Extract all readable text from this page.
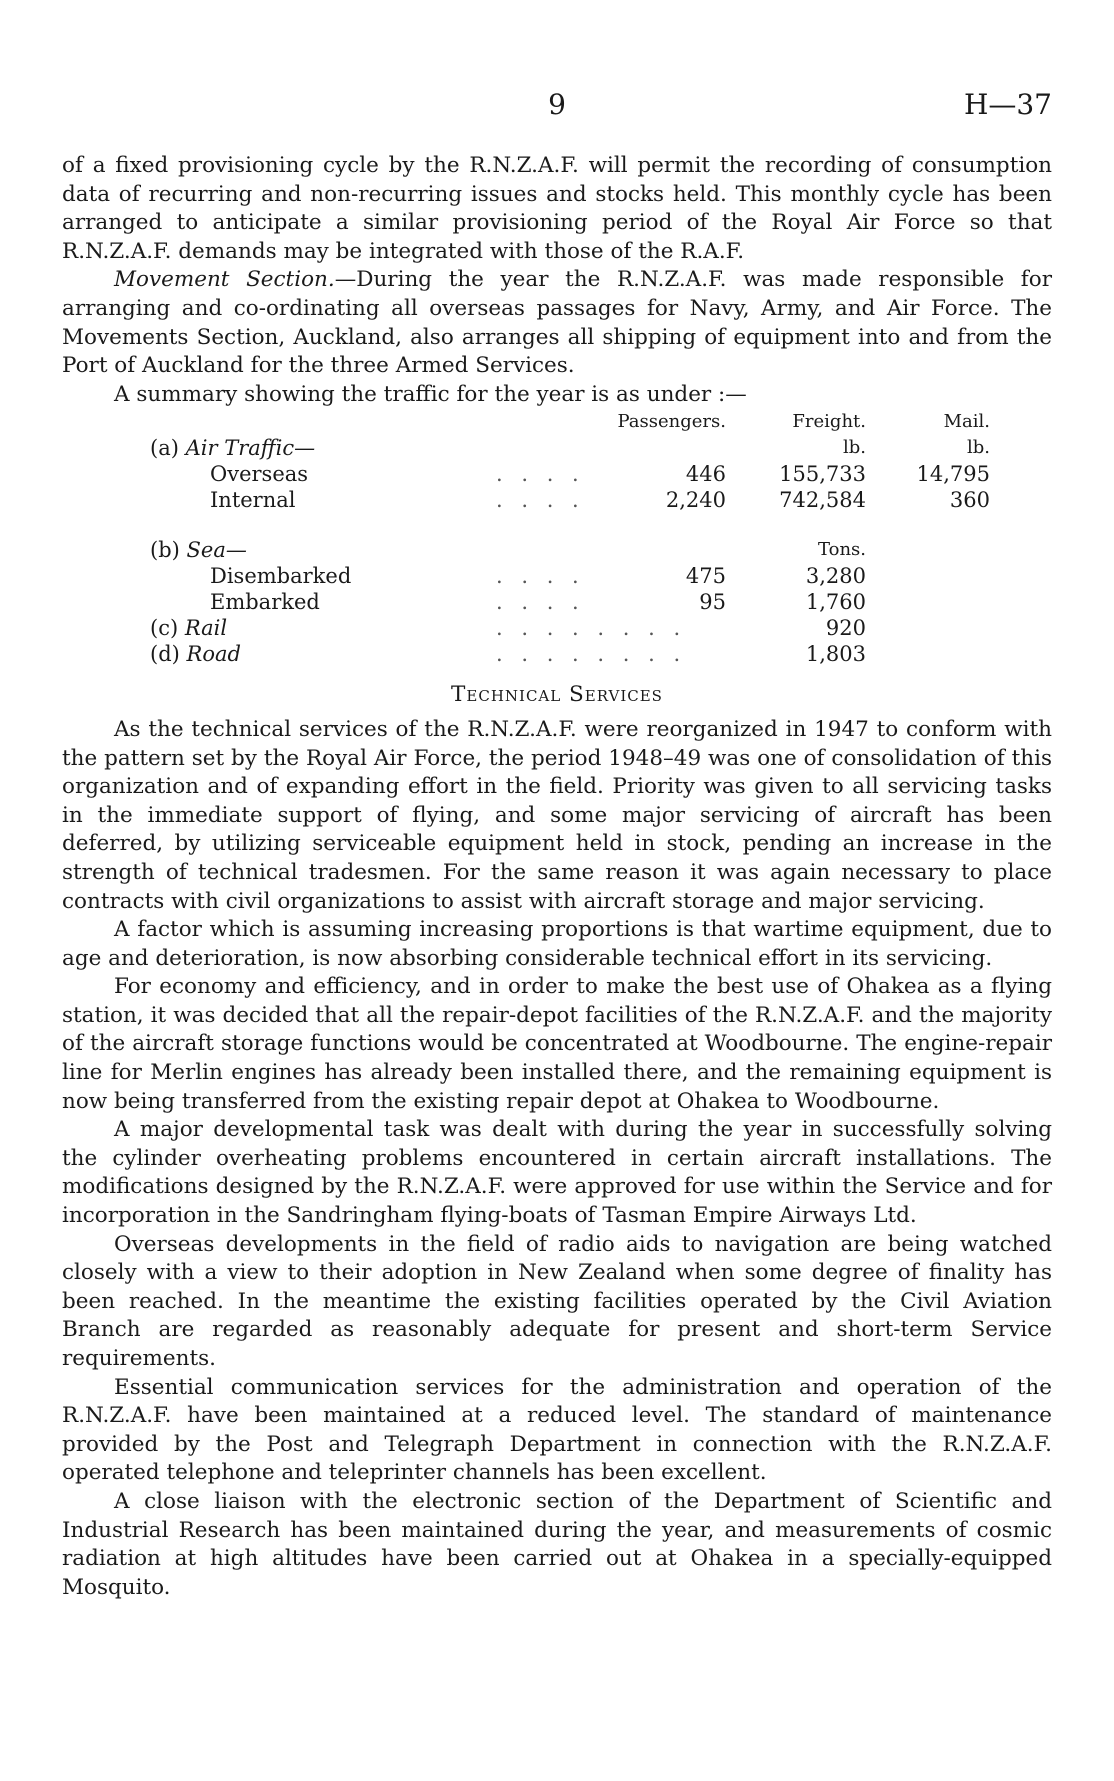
9	H—37

of a fixed provisioning cycle by the R.N.Z.A.F. will permit the recording of consumption data of recurring and non-recurring issues and stocks held. This monthly cycle has been arranged to anticipate a similar provisioning period of the Royal Air Force so that R.N.Z.A.F. demands may be integrated with those of the R.A.F.

Movement Section.—During the year the R.N.Z.A.F. was made responsible for arranging and co-ordinating all overseas passages for Navy, Army, and Air Force. The Movements Section, Auckland, also arranges all shipping of equipment into and from the Port of Auckland for the three Armed Services.

A summary showing the traffic for the year is as under :—

		Passengers.	Freight.	Mail.
(a) Air Traffic—			lb.	lb.
Overseas	. . . .	446	155,733	14,795
Internal	. . . .	2,240	742,584	360

(b) Sea—			Tons.	
Disembarked	. . . .	475	3,280	
Embarked	. . . .	95	1,760	
(c) Rail	. . . . . . . .		920	
(d) Road	. . . . . . . .		1,803	
Technical Services

As the technical services of the R.N.Z.A.F. were reorganized in 1947 to conform with the pattern set by the Royal Air Force, the period 1948–49 was one of consolidation of this organization and of expanding effort in the field. Priority was given to all servicing tasks in the immediate support of flying, and some major servicing of aircraft has been deferred, by utilizing serviceable equipment held in stock, pending an increase in the strength of technical tradesmen. For the same reason it was again necessary to place contracts with civil organizations to assist with aircraft storage and major servicing.

A factor which is assuming increasing proportions is that wartime equipment, due to age and deterioration, is now absorbing considerable technical effort in its servicing.

For economy and efficiency, and in order to make the best use of Ohakea as a flying station, it was decided that all the repair-depot facilities of the R.N.Z.A.F. and the majority of the aircraft storage functions would be concentrated at Woodbourne. The engine-repair line for Merlin engines has already been installed there, and the remaining equipment is now being transferred from the existing repair depot at Ohakea to Woodbourne.

A major developmental task was dealt with during the year in successfully solving the cylinder overheating problems encountered in certain aircraft installations. The modifications designed by the R.N.Z.A.F. were approved for use within the Service and for incorporation in the Sandringham flying-boats of Tasman Empire Airways Ltd.

Overseas developments in the field of radio aids to navigation are being watched closely with a view to their adoption in New Zealand when some degree of finality has been reached. In the meantime the existing facilities operated by the Civil Aviation Branch are regarded as reasonably adequate for present and short-term Service requirements.

Essential communication services for the administration and operation of the R.N.Z.A.F. have been maintained at a reduced level. The standard of maintenance provided by the Post and Telegraph Department in connection with the R.N.Z.A.F. operated telephone and teleprinter channels has been excellent.

A close liaison with the electronic section of the Department of Scientific and Industrial Research has been maintained during the year, and measurements of cosmic radiation at high altitudes have been carried out at Ohakea in a specially-equipped Mosquito.
